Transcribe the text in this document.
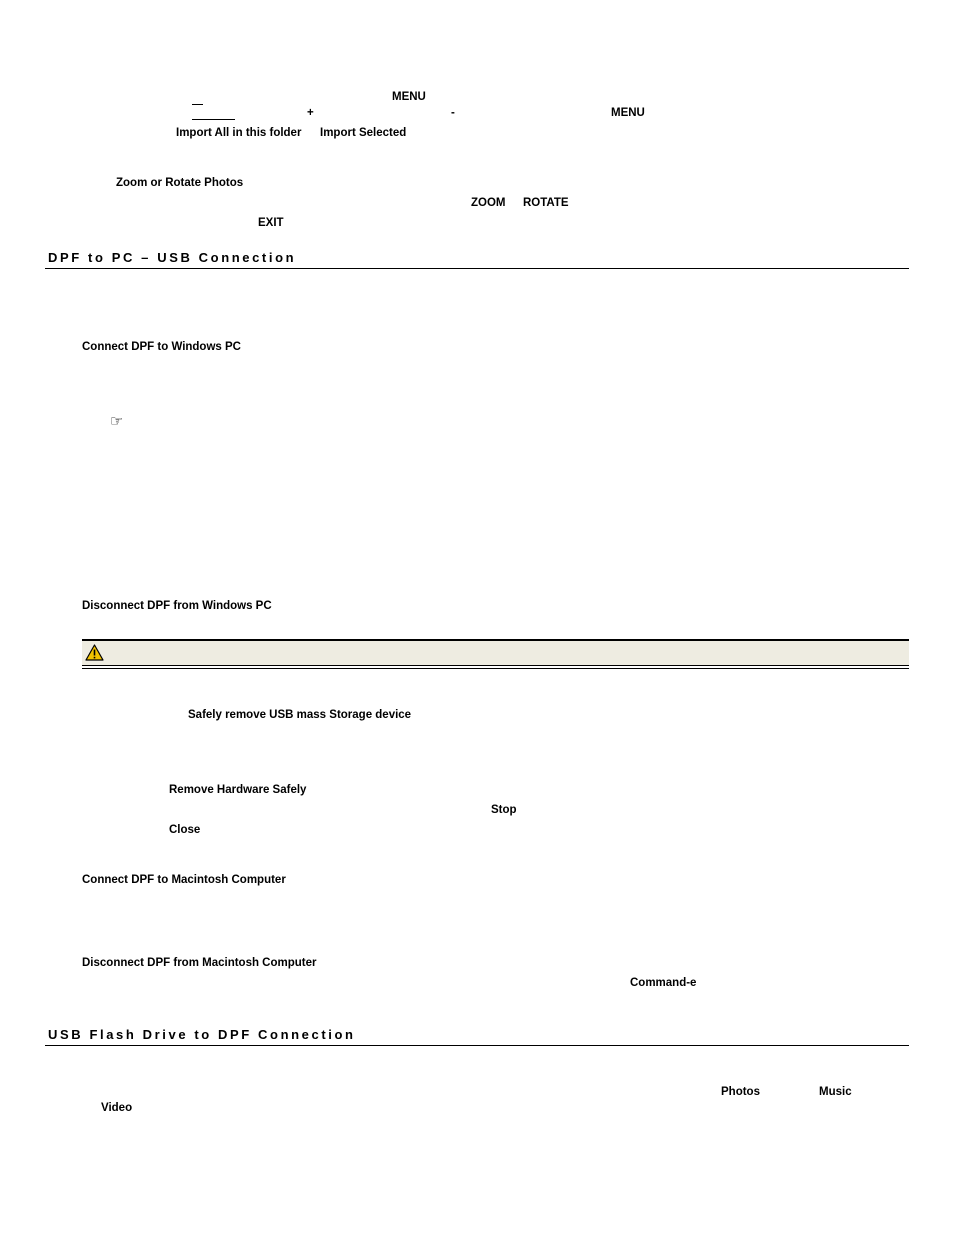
MENU
+	-	MENU
Import All in this folder Import Selected
Zoom or Rotate Photos
ZOOM ROTATE
EXIT
DPF to PC – USB Connection
Connect DPF to Windows PC
☞
Disconnect DPF from Windows PC
Safely remove USB mass Storage device
Remove Hardware Safely
Stop
Close
Connect DPF to Macintosh Computer
Disconnect DPF from Macintosh Computer
Command-e
USB Flash Drive to DPF Connection
Photos	Music
Video
